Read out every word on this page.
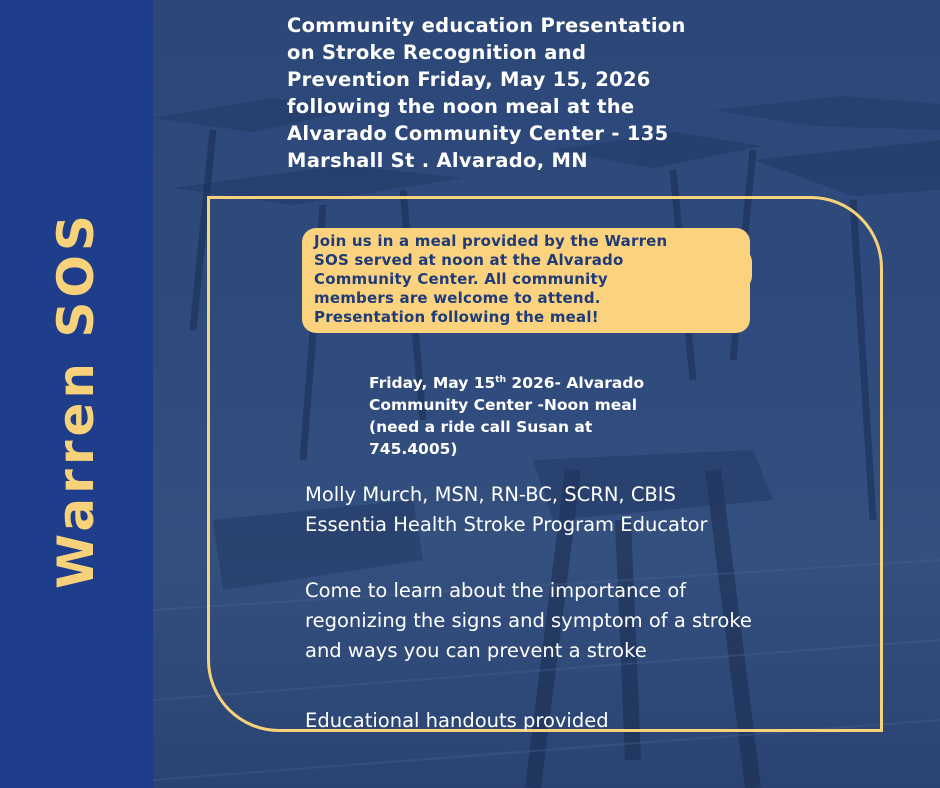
Warren SOS
Community education Presentation
on Stroke Recognition and
Prevention Friday, May 15, 2026
following the noon meal at the
Alvarado Community Center - 135
Marshall St . Alvarado, MN
Join us in a meal provided by the Warren
SOS served at noon at the Alvarado
Community Center. All community
members are welcome to attend.
Presentation following the meal!
Friday, May 15th 2026- Alvarado
Community Center -Noon meal
(need a ride call Susan at
745.4005)
Molly Murch, MSN, RN-BC, SCRN, CBIS
Essentia Health Stroke Program Educator
Come to learn about the importance of
regonizing the signs and symptom of a stroke
and ways you can prevent a stroke
Educational handouts provided
